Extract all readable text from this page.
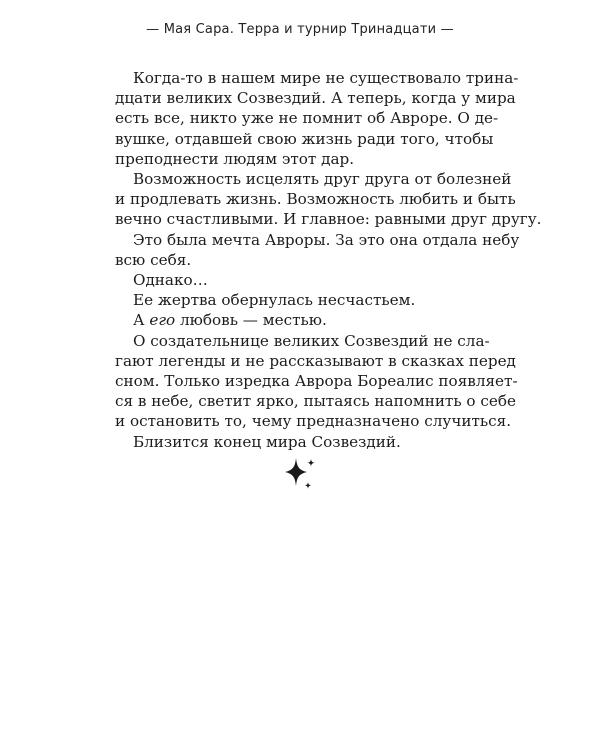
— Мая Сара. Терра и турнир Тринадцати —
Когда-то в нашем мире не существовало трина-
дцати великих Созвездий. А теперь, когда у мира
есть все, никто уже не помнит об Авроре. О де-
вушке, отдавшей свою жизнь ради того, чтобы
преподнести людям этот дар.
Возможность исцелять друг друга от болезней
и продлевать жизнь. Возможность любить и быть
вечно счастливыми. И главное: равными друг другу.
Это была мечта Авроры. За это она отдала небу
всю себя.
Однако…
Ее жертва обернулась несчастьем.
А его любовь — местью.
О создательнице великих Созвездий не сла-
гают легенды и не рассказывают в сказках перед
сном. Только изредка Аврора Бореалис появляет-
ся в небе, светит ярко, пытаясь напомнить о себе
и остановить то, чему предназначено случиться.
Близится конец мира Созвездий.
